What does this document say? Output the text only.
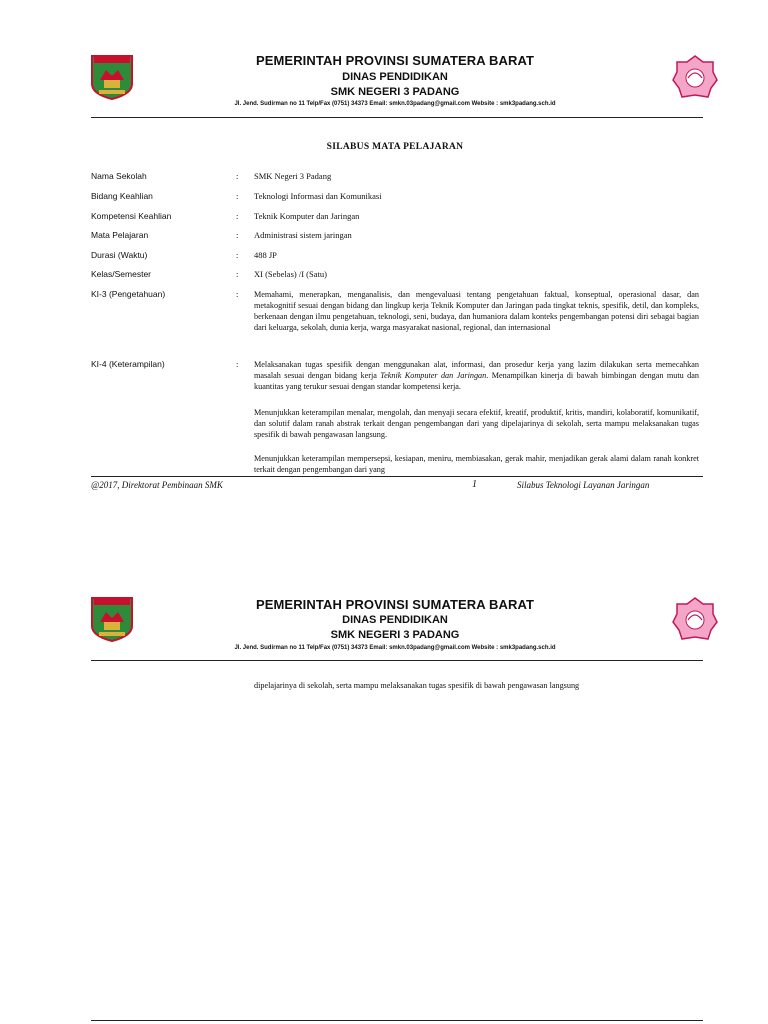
PEMERINTAH PROVINSI SUMATERA BARAT
DINAS PENDIDIKAN
SMK NEGERI 3 PADANG
Jl. Jend. Sudirman no 11 Telp/Fax (0751) 34373 Email: smkn.03padang@gmail.com Website : smk3padang.sch.id
SILABUS MATA PELAJARAN
Nama Sekolah	: SMK Negeri 3 Padang
Bidang Keahlian	: Teknologi Informasi dan Komunikasi
Kompetensi Keahlian	: Teknik Komputer dan Jaringan
Mata Pelajaran	: Administrasi sistem jaringan
Durasi (Waktu)	: 488 JP
Kelas/Semester	: XI (Sebelas) /I (Satu)
KI-3 (Pengetahuan)	: Memahami, menerapkan, menganalisis, dan mengevaluasi tentang pengetahuan faktual, konseptual, operasional dasar, dan metakognitif sesuai dengan bidang dan lingkup kerja Teknik Komputer dan Jaringan pada tingkat teknis, spesifik, detil, dan kompleks, berkenaan dengan ilmu pengetahuan, teknologi, seni, budaya, dan humaniora dalam konteks pengembangan potensi diri sebagai bagian dari keluarga, sekolah, dunia kerja, warga masyarakat nasional, regional, dan internasional
KI-4 (Keterampilan)	: Melaksanakan tugas spesifik dengan menggunakan alat, informasi, dan prosedur kerja yang lazim dilakukan serta memecahkan masalah sesuai dengan bidang kerja Teknik Komputer dan Jaringan. Menampilkan kinerja di bawah bimbingan dengan mutu dan kuantitas yang terukur sesuai dengan standar kompetensi kerja.
Menunjukkan keterampilan menalar, mengolah, dan menyaji secara efektif, kreatif, produktif, kritis, mandiri, kolaboratif, komunikatif, dan solutif dalam ranah abstrak terkait dengan pengembangan dari yang dipelajarinya di sekolah, serta mampu melaksanakan tugas spesifik di bawah pengawasan langsung.
Menunjukkan keterampilan mempersepsi, kesiapan, meniru, membiasakan, gerak mahir, menjadikan gerak alami dalam ranah konkret terkait dengan pengembangan dari yang
@2017, Direktorat Pembinaan SMK	1	Silabus Teknologi Layanan Jaringan
PEMERINTAH PROVINSI SUMATERA BARAT
DINAS PENDIDIKAN
SMK NEGERI 3 PADANG
Jl. Jend. Sudirman no 11 Telp/Fax (0751) 34373 Email: smkn.03padang@gmail.com Website : smk3padang.sch.id
dipelajarinya di sekolah, serta mampu melaksanakan tugas spesifik di bawah pengawasan langsung
